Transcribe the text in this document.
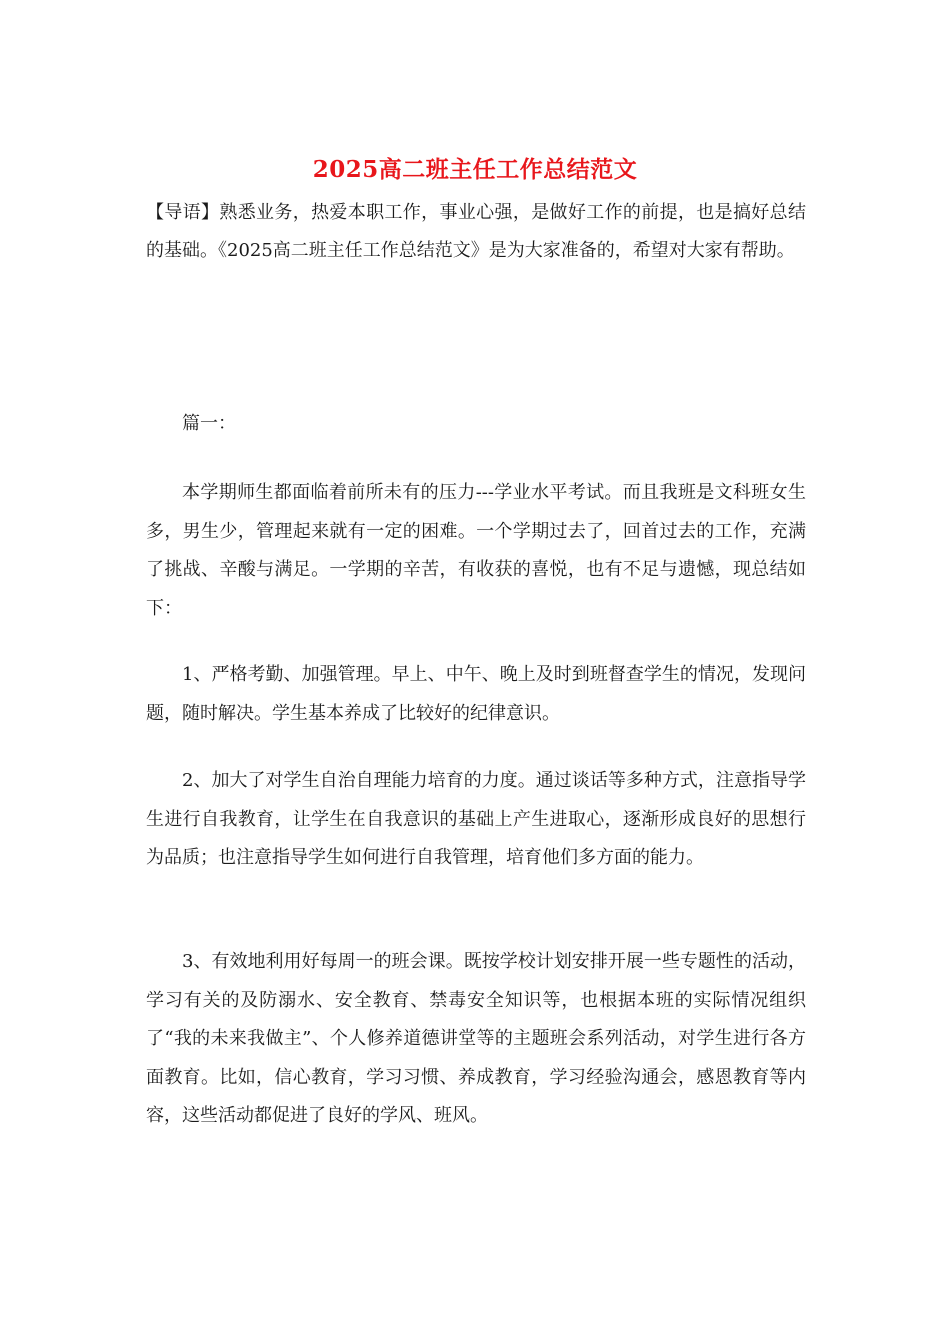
2025高二班主任工作总结范文
【导语】熟悉业务，热爱本职工作，事业心强，是做好工作的前提，也是搞好总结的基础。《2025高二班主任工作总结范文》是为大家准备的，希望对大家有帮助。
篇一：
本学期师生都面临着前所未有的压力---学业水平考试。而且我班是文科班女生多，男生少，管理起来就有一定的困难。一个学期过去了，回首过去的工作，充满了挑战、辛酸与满足。一学期的辛苦，有收获的喜悦，也有不足与遗憾，现总结如下：
1、严格考勤、加强管理。早上、中午、晚上及时到班督查学生的情况，发现问题，随时解决。学生基本养成了比较好的纪律意识。
2、加大了对学生自治自理能力培育的力度。通过谈话等多种方式，注意指导学生进行自我教育，让学生在自我意识的基础上产生进取心，逐渐形成良好的思想行为品质；也注意指导学生如何进行自我管理，培育他们多方面的能力。
3、有效地利用好每周一的班会课。既按学校计划安排开展一些专题性的活动，学习有关的及防溺水、安全教育、禁毒安全知识等，也根据本班的实际情况组织了“我的未来我做主”、个人修养道德讲堂等的主题班会系列活动，对学生进行各方面教育。比如，信心教育，学习习惯、养成教育，学习经验沟通会，感恩教育等内容，这些活动都促进了良好的学风、班风。
